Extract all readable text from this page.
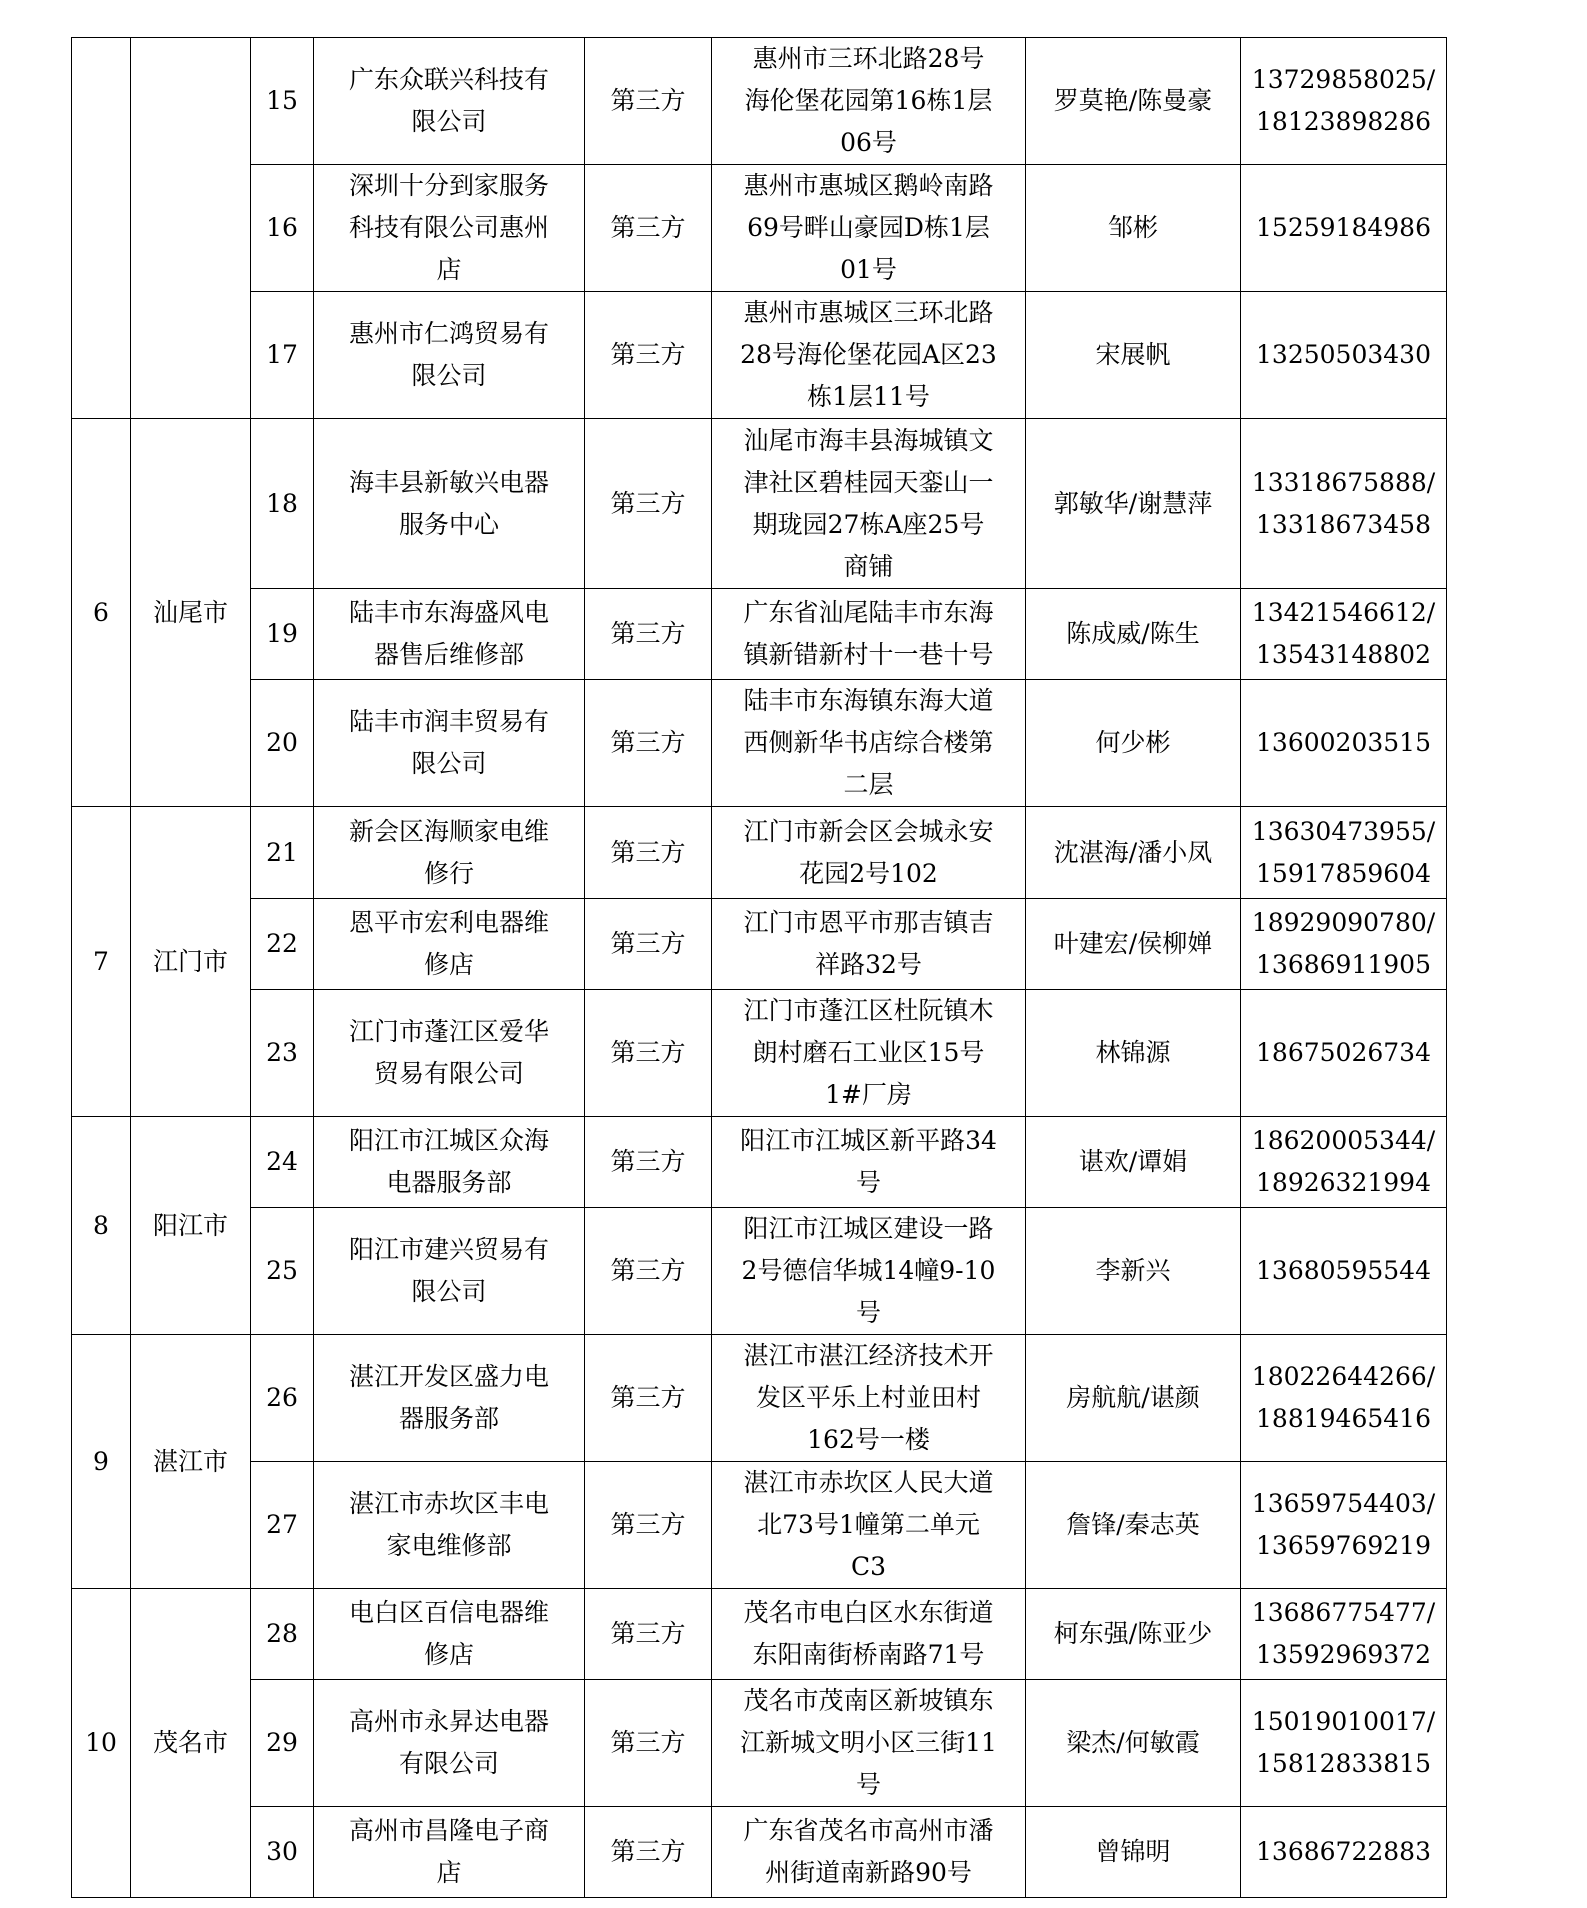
		15	广东众联兴科技有
限公司	第三方	惠州市三环北路28号
海伦堡花园第16栋1层
06号	罗莫艳/陈曼豪	13729858025/
18123898286
		16	深圳十分到家服务
科技有限公司惠州
店	第三方	惠州市惠城区鹅岭南路
69号畔山豪园D栋1层
01号	邹彬	15259184986
		17	惠州市仁鸿贸易有
限公司	第三方	惠州市惠城区三环北路
28号海伦堡花园A区23
栋1层11号	宋展帆	13250503430
6	汕尾市	18	海丰县新敏兴电器
服务中心	第三方	汕尾市海丰县海城镇文
津社区碧桂园天銮山一
期珑园27栋A座25号
商铺	郭敏华/谢慧萍	13318675888/
13318673458
		19	陆丰市东海盛风电
器售后维修部	第三方	广东省汕尾陆丰市东海
镇新错新村十一巷十号	陈成威/陈生	13421546612/
13543148802
		20	陆丰市润丰贸易有
限公司	第三方	陆丰市东海镇东海大道
西侧新华书店综合楼第
二层	何少彬	13600203515
7	江门市	21	新会区海顺家电维
修行	第三方	江门市新会区会城永安
花园2号102	沈湛海/潘小凤	13630473955/
15917859604
		22	恩平市宏利电器维
修店	第三方	江门市恩平市那吉镇吉
祥路32号	叶建宏/侯柳婵	18929090780/
13686911905
		23	江门市蓬江区爱华
贸易有限公司	第三方	江门市蓬江区杜阮镇木
朗村磨石工业区15号
1#厂房	林锦源	18675026734
8	阳江市	24	阳江市江城区众海
电器服务部	第三方	阳江市江城区新平路34
号	谌欢/谭娟	18620005344/
18926321994
		25	阳江市建兴贸易有
限公司	第三方	阳江市江城区建设一路
2号德信华城14幢9-10
号	李新兴	13680595544
9	湛江市	26	湛江开发区盛力电
器服务部	第三方	湛江市湛江经济技术开
发区平乐上村並田村
162号一楼	房航航/谌颜	18022644266/
18819465416
		27	湛江市赤坎区丰电
家电维修部	第三方	湛江市赤坎区人民大道
北73号1幢第二单元
C3	詹锋/秦志英	13659754403/
13659769219
10	茂名市	28	电白区百信电器维
修店	第三方	茂名市电白区水东街道
东阳南街桥南路71号	柯东强/陈亚少	13686775477/
13592969372
		29	高州市永昇达电器
有限公司	第三方	茂名市茂南区新坡镇东
江新城文明小区三街11
号	梁杰/何敏霞	15019010017/
15812833815
		30	高州市昌隆电子商
店	第三方	广东省茂名市高州市潘
州街道南新路90号	曾锦明	13686722883
